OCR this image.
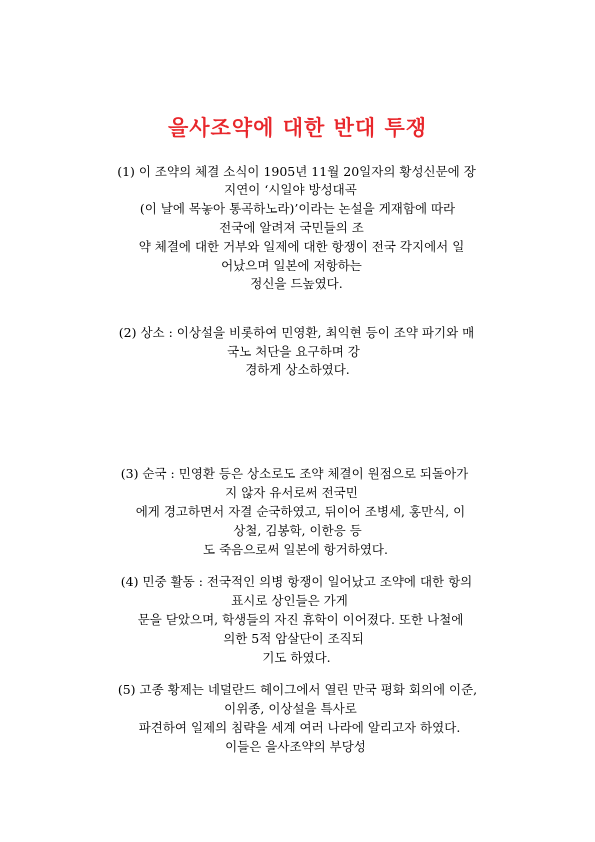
을사조약에 대한 반대 투쟁
(1) 이 조약의 체결 소식이 1905년 11월 20일자의 황성신문에 장
지연이 ‘시일야 방성대곡
(이 날에 목놓아 통곡하노라)’이라는 논설을 게재함에 따라
전국에 알려져 국민들의 조
약 체결에 대한 거부와 일제에 대한 항쟁이 전국 각지에서 일
어났으며 일본에 저항하는
정신을 드높였다.
(2) 상소 : 이상설을 비롯하여 민영환, 최익현 등이 조약 파기와 매
국노 처단을 요구하며 강
경하게 상소하였다.
(3) 순국 : 민영환 등은 상소로도 조약 체결이 원점으로 되돌아가
지 않자 유서로써 전국민
에게 경고하면서 자결 순국하였고, 뒤이어 조병세, 홍만식, 이
상철, 김봉학, 이한응 등
도 죽음으로써 일본에 항거하였다.
(4) 민중 활동 : 전국적인 의병 항쟁이 일어났고 조약에 대한 항의
표시로 상인들은 가게
문을 닫았으며, 학생들의 자진 휴학이 이어졌다. 또한 나철에
의한 5적 암살단이 조직되
기도 하였다.
(5) 고종 황제는 네덜란드 헤이그에서 열린 만국 평화 회의에 이준,
이위종, 이상설을 특사로
파견하여 일제의 침략을 세계 여러 나라에 알리고자 하였다.
이들은 을사조약의 부당성
